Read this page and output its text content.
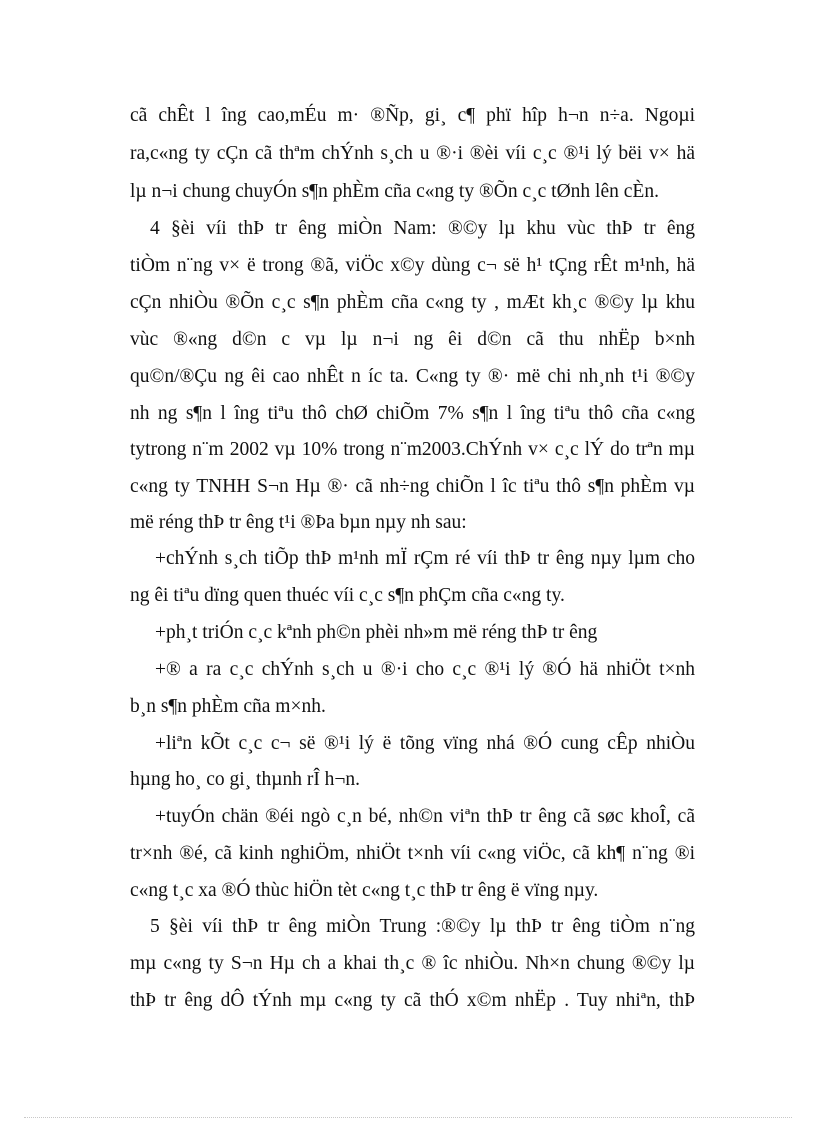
cã chÊt l îng cao,mÉu m· ®Ñp, gi¸ c¶ phï hîp h¬n n÷a. Ngoµi
ra,c«ng ty cÇn cã thªm chÝnh s¸ch u ®·i ®èi víi c¸c ®¹i lý bëi v× hä
lµ n¬i chung chuyÓn s¶n phÈm cña c«ng ty ®Õn c¸c tØnh lên cÈn.
4 §èi víi thÞ tr êng miÒn Nam: ®©y lµ khu vùc thÞ tr êng
tiÒm n¨ng v× ë trong ®ã, viÖc x©y dùng c¬ së h¹ tÇng rÊt m¹nh, hä
cÇn nhiÒu ®Õn c¸c s¶n phÈm cña c«ng ty , mÆt kh¸c ®©y lµ khu
vùc ®«ng d©n c vµ lµ n¬i ng êi d©n cã thu nhËp b×nh
qu©n/®Çu ng êi cao nhÊt n íc ta. C«ng ty ®· më chi nh¸nh t¹i ®©y
nh ng s¶n l îng tiªu thô chØ chiÕm 7% s¶n l îng tiªu thô cña c«ng
tytrong n¨m 2002 vµ 10% trong n¨m2003.ChÝnh v× c¸c lÝ do trªn mµ
c«ng ty TNHH S¬n Hµ ®· cã nh÷ng chiÕn l îc tiªu thô s¶n phÈm vµ
më réng thÞ tr êng t¹i ®Þa bµn nµy nh sau:
+chÝnh s¸ch tiÕp thÞ m¹nh mÏ rÇm ré víi thÞ tr êng nµy lµm cho
ng êi tiªu dïng quen thuéc víi c¸c s¶n phÇm cña c«ng ty.
+ph¸t triÓn c¸c kªnh ph©n phèi nh»m më réng thÞ tr êng
+® a ra c¸c chÝnh s¸ch u ®·i cho c¸c ®¹i lý ®Ó hä nhiÖt t×nh
b¸n s¶n phÈm cña m×nh.
+liªn kÕt c¸c c¬ së ®¹i lý ë tõng vïng nhá ®Ó cung cÊp nhiÒu
hµng ho¸ co gi¸ thµnh rÎ h¬n.
+tuyÓn chän ®éi ngò c¸n bé, nh©n viªn thÞ tr êng cã søc khoÎ, cã
tr×nh ®é, cã kinh nghiÖm, nhiÖt t×nh víi c«ng viÖc, cã kh¶ n¨ng ®i
c«ng t¸c xa ®Ó thùc hiÖn tèt c«ng t¸c thÞ tr êng ë vïng nµy.
5 §èi víi thÞ tr êng miÒn Trung :®©y lµ thÞ tr êng tiÒm n¨ng
mµ c«ng ty S¬n Hµ ch a khai th¸c ® îc nhiÒu. Nh×n chung ®©y lµ
thÞ tr êng dÔ tÝnh mµ c«ng ty cã thÓ x©m nhËp . Tuy nhiªn, thÞ
